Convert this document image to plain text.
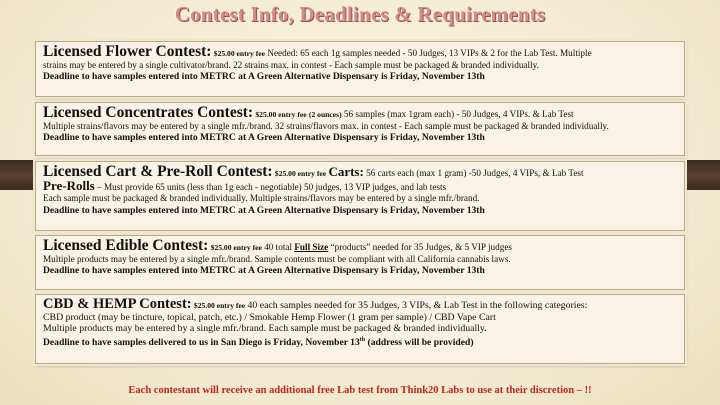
Contest Info, Deadlines & Requirements
Licensed Flower Contest: $25.00 entry fee Needed: 65 each 1g samples needed - 50 Judges, 13 VIPs & 2 for the Lab Test. Multiple
strains may be entered by a single cultivator/brand. 22 strains max. in contest - Each sample must be packaged & branded individually.
Deadline to have samples entered into METRC at A Green Alternative Dispensary is Friday, November 13th
Licensed Concentrates Contest: $25.00 entry fee (2 ounces) 56 samples (max 1gram each) - 50 Judges, 4 VIPs. & Lab Test
Multiple strains/flavors may be entered by a single mfr./brand. 32 strains/flavors max. in contest - Each sample must be packaged & branded individually.
Deadline to have samples entered into METRC at A Green Alternative Dispensary is Friday, November 13th
Licensed Cart & Pre-Roll Contest: $25.00 entry fee Carts: 56 carts each (max 1 gram) -50 Judges, 4 VIPs, & Lab Test
Pre-Rolls – Must provide 65 units (less than 1g each - negotiable) 50 judges, 13 VIP judges, and lab tests
Each sample must be packaged & branded individually. Multiple strains/flavors may be entered by a single mfr./brand.
Deadline to have samples entered into METRC at A Green Alternative Dispensary is Friday, November 13th
Licensed Edible Contest: $25.00 entry fee 40 total Full Size “products” needed for 35 Judges, & 5 VIP judges
Multiple products may be entered by a single mfr./brand. Sample contents must be compliant with all California cannabis laws.
Deadline to have samples entered into METRC at A Green Alternative Dispensary is Friday, November 13th
CBD & HEMP Contest: $25.00 entry fee 40 each samples needed for 35 Judges, 3 VIPs, & Lab Test in the following categories:
CBD product (may be tincture, topical, patch, etc.) / Smokable Hemp Flower (1 gram per sample) / CBD Vape Cart
Multiple products may be entered by a single mfr./brand. Each sample must be packaged & branded individually.
Deadline to have samples delivered to us in San Diego is Friday, November 13th (address will be provided)
Each contestant will receive an additional free Lab test from Think20 Labs to use at their discretion – !!
